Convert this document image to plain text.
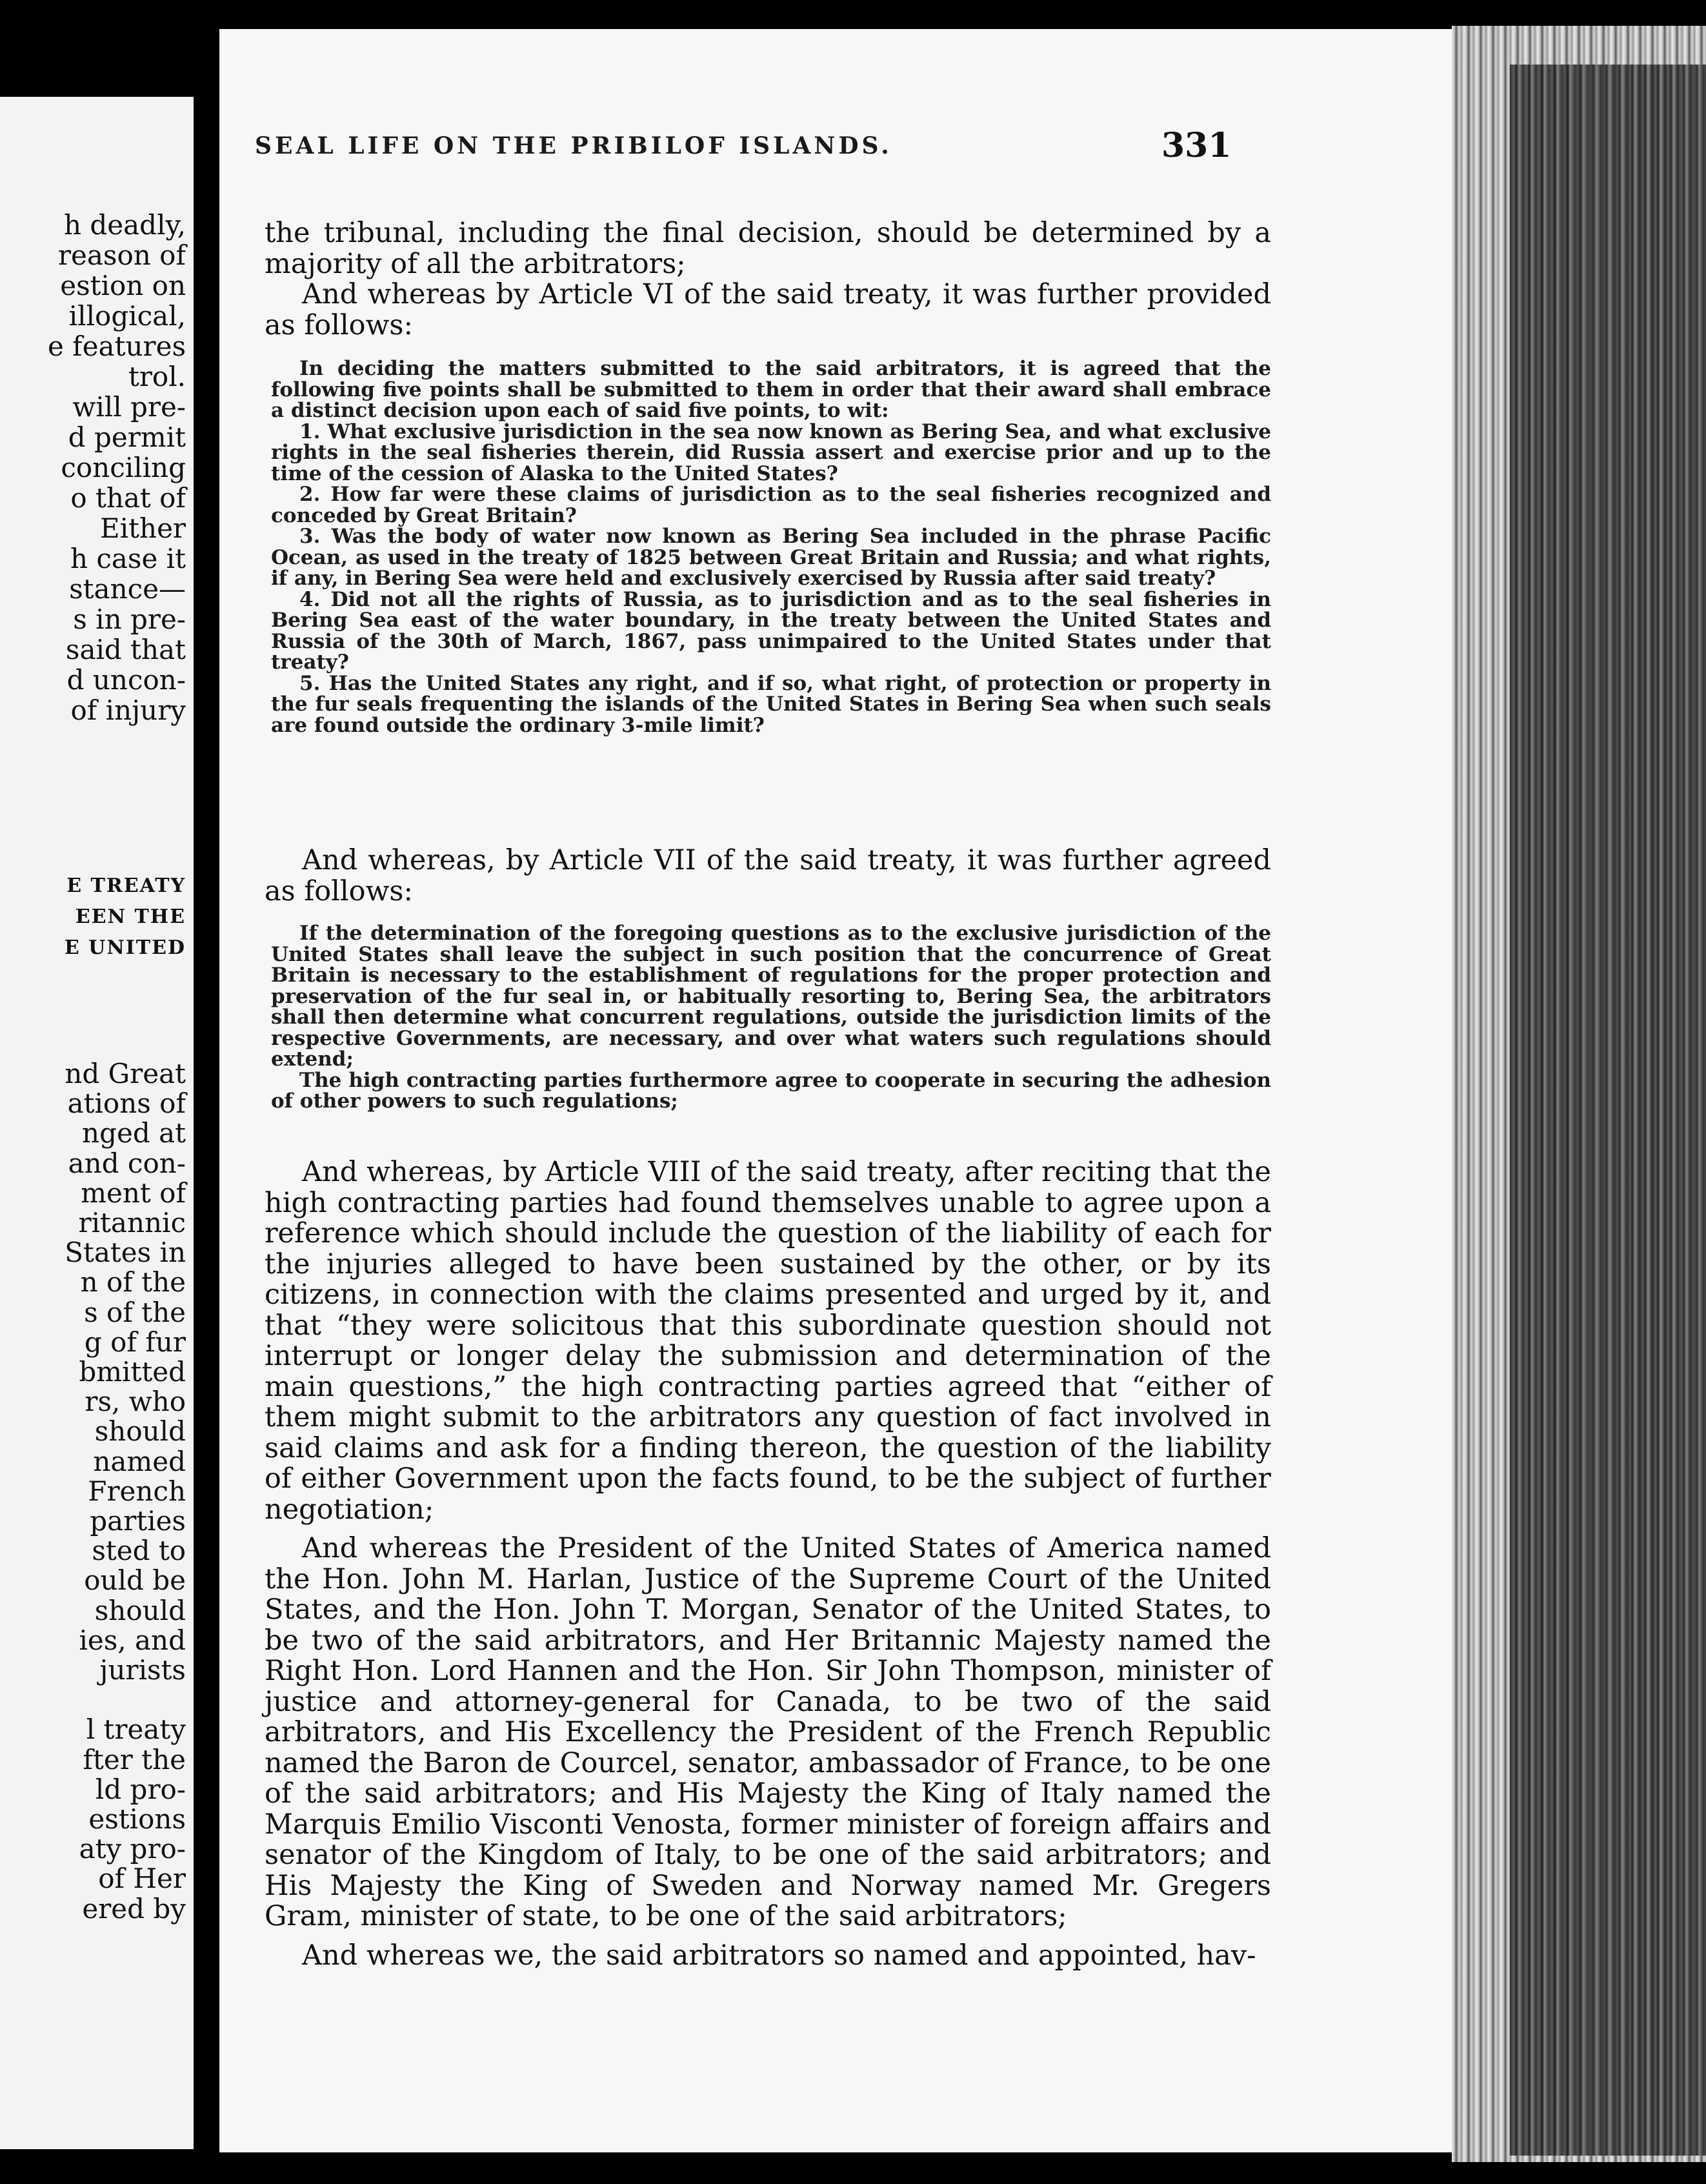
h deadly,
reason of
estion on
illogical,
e features
trol.
will pre-
d permit
conciling
o that of
Either
h case it
stance—
s in pre-
said that
d uncon-
of injury
E TREATY
EEN THE
E UNITED
nd Great
ations of
nged at
and con-
ment of
ritannic
States in
n of the
s of the
g of fur
bmitted
rs, who
should
named
French
parties
sted to
ould be
should
ies, and
jurists
l treaty
fter the
ld pro-
estions
aty pro-
of Her
ered by
SEAL LIFE ON THE PRIBILOF ISLANDS.	331

the tribunal, including the final decision, should be determined by a majority of all the arbitrators;

And whereas by Article VI of the said treaty, it was further provided as follows:

In deciding the matters submitted to the said arbitrators, it is agreed that the following five points shall be submitted to them in order that their award shall embrace a distinct decision upon each of said five points, to wit:

1. What exclusive jurisdiction in the sea now known as Bering Sea, and what exclusive rights in the seal fisheries therein, did Russia assert and exercise prior and up to the time of the cession of Alaska to the United States?

2. How far were these claims of jurisdiction as to the seal fisheries recognized and conceded by Great Britain?

3. Was the body of water now known as Bering Sea included in the phrase Pacific Ocean, as used in the treaty of 1825 between Great Britain and Russia; and what rights, if any, in Bering Sea were held and exclusively exercised by Russia after said treaty?

4. Did not all the rights of Russia, as to jurisdiction and as to the seal fisheries in Bering Sea east of the water boundary, in the treaty between the United States and Russia of the 30th of March, 1867, pass unimpaired to the United States under that treaty?

5. Has the United States any right, and if so, what right, of protection or property in the fur seals frequenting the islands of the United States in Bering Sea when such seals are found outside the ordinary 3-mile limit?

And whereas, by Article VII of the said treaty, it was further agreed as follows:

If the determination of the foregoing questions as to the exclusive jurisdiction of the United States shall leave the subject in such position that the concurrence of Great Britain is necessary to the establishment of regulations for the proper protection and preservation of the fur seal in, or habitually resorting to, Bering Sea, the arbitrators shall then determine what concurrent regulations, outside the jurisdiction limits of the respective Governments, are necessary, and over what waters such regulations should extend;

The high contracting parties furthermore agree to cooperate in securing the adhesion of other powers to such regulations;

And whereas, by Article VIII of the said treaty, after reciting that the high contracting parties had found themselves unable to agree upon a reference which should include the question of the liability of each for the injuries alleged to have been sustained by the other, or by its citizens, in connection with the claims presented and urged by it, and that “they were solicitous that this subordinate question should not interrupt or longer delay the submission and determination of the main questions,” the high contracting parties agreed that “either of them might submit to the arbitrators any question of fact involved in said claims and ask for a finding thereon, the question of the liability of either Government upon the facts found, to be the subject of further negotiation;

And whereas the President of the United States of America named the Hon. John M. Harlan, Justice of the Supreme Court of the United States, and the Hon. John T. Morgan, Senator of the United States, to be two of the said arbitrators, and Her Britannic Majesty named the Right Hon. Lord Hannen and the Hon. Sir John Thompson, minister of justice and attorney-general for Canada, to be two of the said arbitrators, and His Excellency the President of the French Republic named the Baron de Courcel, senator, ambassador of France, to be one of the said arbitrators; and His Majesty the King of Italy named the Marquis Emilio Visconti Venosta, former minister of foreign affairs and senator of the Kingdom of Italy, to be one of the said arbitrators; and His Majesty the King of Sweden and Norway named Mr. Gregers Gram, minister of state, to be one of the said arbitrators;

And whereas we, the said arbitrators so named and appointed, hav-
